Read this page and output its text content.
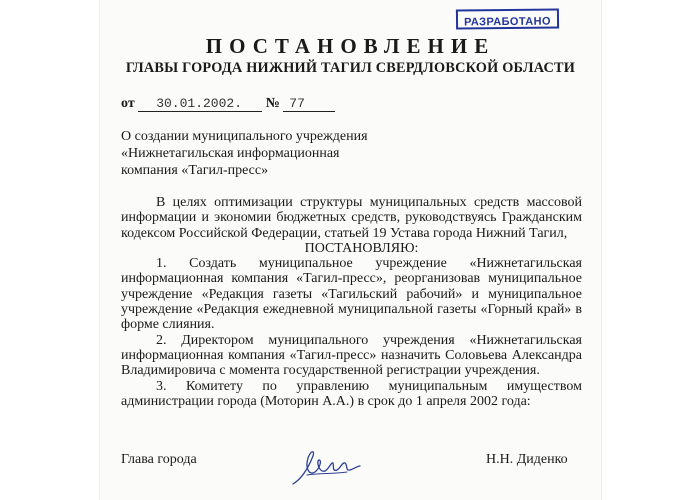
РАЗРАБОТАНО
ПОСТАНОВЛЕНИЕ
ГЛАВЫ ГОРОДА НИЖНИЙ ТАГИЛ СВЕРДЛОВСКОЙ ОБЛАСТИ
от 30.01.2002. № 77
О создании муниципального учреждения «Нижнетагильская информационная компания «Тагил-пресс»

В целях оптимизации структуры муниципальных средств массовой информации и экономии бюджетных средств, руководствуясь Гражданским кодексом Российской Федерации, статьей 19 Устава города Нижний Тагил,

ПОСТАНОВЛЯЮ:

1. Создать муниципальное учреждение «Нижнетагильская информационная компания «Тагил-пресс», реорганизовав муниципальное учреждение «Редакция газеты «Тагильский рабочий» и муниципальное учреждение «Редакция ежедневной муниципальной газеты «Горный край» в форме слияния.

2. Директором муниципального учреждения «Нижнетагильская информационная компания «Тагил-пресс» назначить Соловьева Александра Владимировича с момента государственной регистрации учреждения.

3. Комитету по управлению муниципальным имуществом администрации города (Моторин А.А.) в срок до 1 апреля 2002 года:

Глава города	Н.Н. Диденко
